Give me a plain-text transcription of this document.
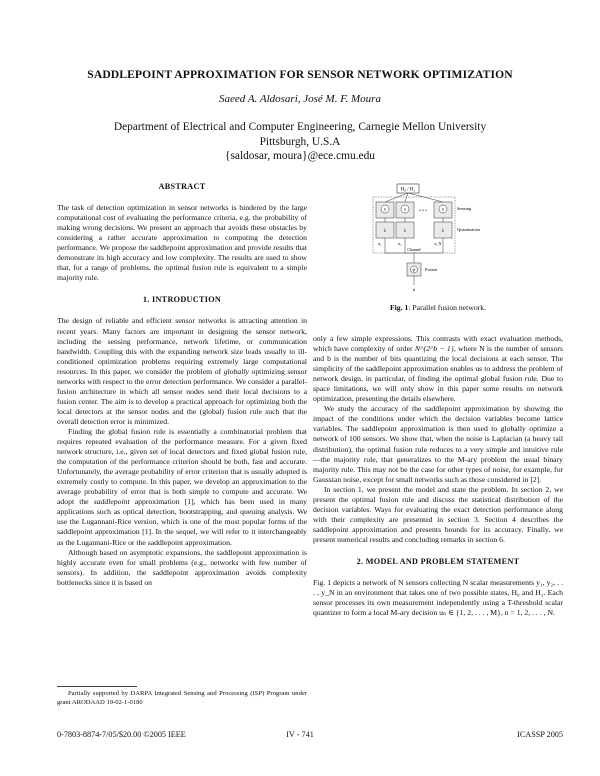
SADDLEPOINT APPROXIMATION FOR SENSOR NETWORK OPTIMIZATION
Saeed A. Aldosari, José M. F. Moura
Department of Electrical and Computer Engineering, Carnegie Mellon University
Pittsburgh, U.S.A
{saldosar, moura}@ece.cmu.edu
ABSTRACT

The task of detection optimization in sensor networks is hindered by the large computational cost of evaluating the performance criteria, e.g. the probability of making wrong decisions. We present an approach that avoids these obstacles by considering a rather accurate approximation to computing the detection performance. We propose the saddlepoint approximation and provide results that demonstrate its high accuracy and low complexity. The results are used to show that, for a range of problems, the optimal fusion rule is equivalent to a simple majority rule.

1. INTRODUCTION

The design of reliable and efficient sensor networks is attracting attention in recent years. Many factors are important in designing the sensor network, including the sensing performance, network lifetime, or communication bandwidth. Coupling this with the expanding network size leads usually to ill-conditioned optimization problems requiring extremely large computational resources. In this paper, we consider the problem of globally optimizing sensor networks with respect to the error detection performance. We consider a parallel-fusion architecture in which all sensor nodes send their local decisions to a fusion center. The aim is to develop a practical approach for optimizing both the local detectors at the sensor nodes and the (global) fusion rule such that the overall detection error is minimized.

Finding the global fusion rule is essentially a combinatorial problem that requires repeated evaluation of the performance measure. For a given fixed network structure, i.e., given set of local detectors and fixed global fusion rule, the computation of the performance criterion should be both, fast and accurate. Unfortunately, the average probability of error criterion that is usually adopted is extremely costly to compute. In this paper, we develop an approximation to the average probability of error that is both simple to compute and accurate. We adopt the saddlepoint approximation [1], which has been used in many applications such as optical detection, bootstrapping, and queuing analysis. We use the Lugannani-Rice version, which is one of the most popular forms of the saddlepoint approximation [1]. In the sequel, we will refer to it interchangeably as the Lugannani-Rice or the saddlepoint approximation.

Although based on asymptotic expansions, the saddlepoint approximation is highly accurate even for small problems (e.g., networks with few number of sensors). In addition, the saddlepoint approximation avoids complexity bottlenecks since it is based on

H₀ / H₁
s
λ
u₁
s
λ
u₂
• • •	s
λ
u_N
Sensing
Quantization
Channel
φ Fusion
û
Fig. 1: Parallel fusion network.

only a few simple expressions. This contrasts with exact evaluation methods, which have complexity of order N^{2^b − 1}, where N is the number of sensors and b is the number of bits quantizing the local decisions at each sensor. The simplicity of the saddlepoint approximation enables us to address the problem of network design, in particular, of finding the optimal global fusion rule. Due to space limitations, we will only show in this paper some results on network optimization, presenting the details elsewhere.

We study the accuracy of the saddlepoint approximation by showing the impact of the conditions under which the decision variables become lattice variables. The saddlepoint approximation is then used to globally optimize a network of 100 sensors. We show that, when the noise is Laplacian (a heavy tail distribution), the optimal fusion rule reduces to a very simple and intuitive rule—the majority rule, that generalizes to the M-ary problem the usual binary majority rule. This may not be the case for other types of noise, for example, for Gaussian noise, except for small networks such as those considered in [2].

In section 1, we present the model and state the problem. In section 2, we present the optimal fusion rule and discuss the statistical distribution of the decision variables. Ways for evaluating the exact detection performance along with their complexity are presented in section 3. Section 4 describes the saddlepoint approximation and presents bounds for its accuracy. Finally, we present numerical results and concluding remarks in section 6.

2. MODEL AND PROBLEM STATEMENT

Fig. 1 depicts a network of N sensors collecting N scalar measurements y₁, y₂, . . . , y_N in an environment that takes one of two possible states, H₀ and H₁. Each sensor processes its own measurement independently using a T-threshold scalar quantizer to form a local M-ary decision uₙ ∈ {1, 2, . . . , M}, n = 1, 2, . . . , N.

Partially supported by DARPA Integrated Sensing and Processing (ISP) Program under grant ARODAAD 19-02-1-0180
0-7803-8874-7/05/$20.00 ©2005 IEEE	IV - 741	ICASSP 2005
